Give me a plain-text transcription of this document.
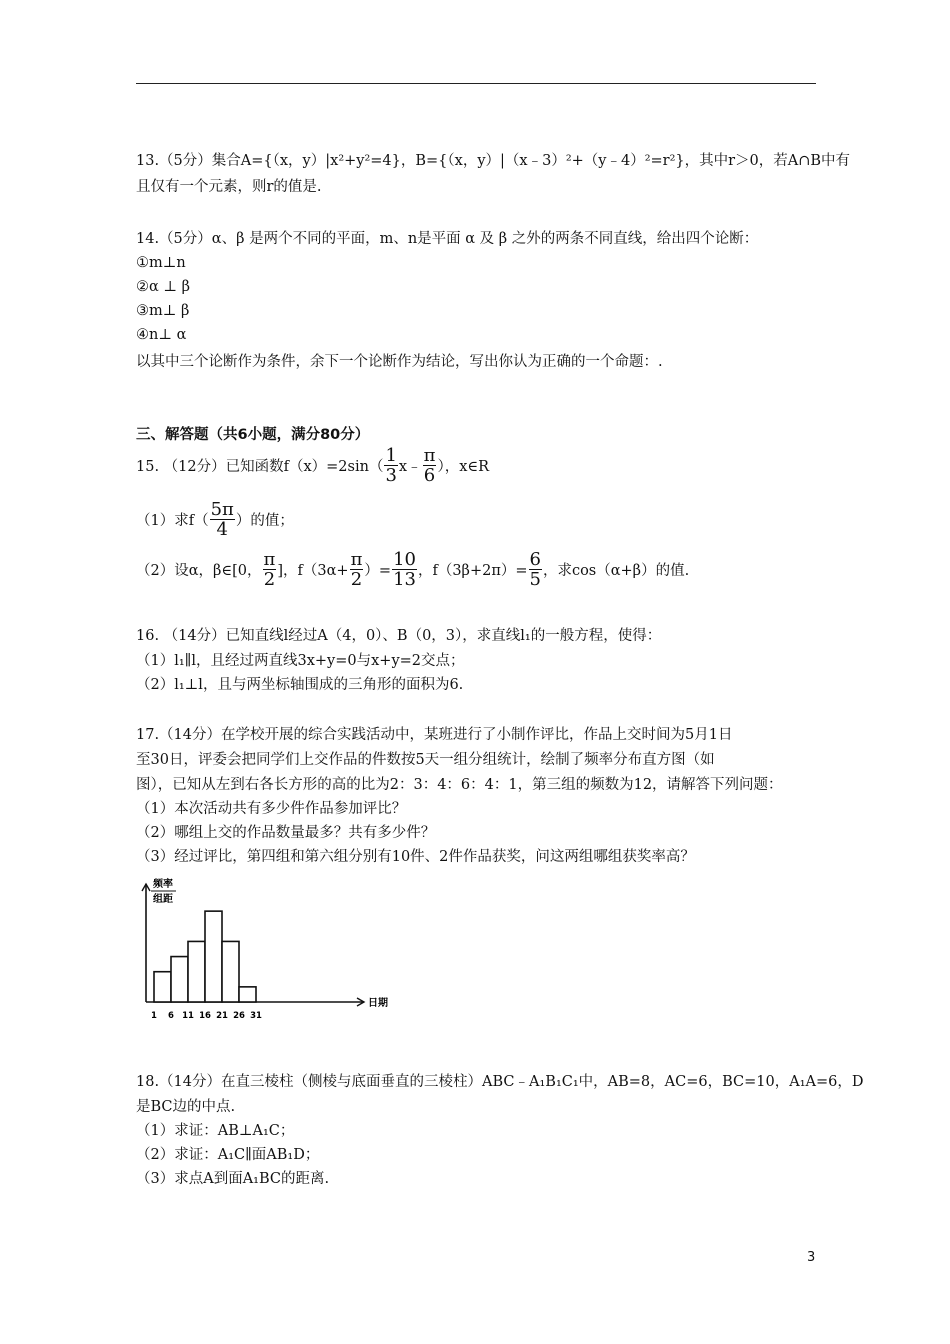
13.（5分）集合A={（x，y）|x²+y²=4}，B={（x，y）|（x﹣3）²+（y﹣4）²=r²}，其中r＞0，若A∩B中有
且仅有一个元素，则r的值是.
14.（5分）α、β 是两个不同的平面，m、n是平面 α 及 β 之外的两条不同直线，给出四个论断：
①m⊥n
②α ⊥ β
③m⊥ β
④n⊥ α
以其中三个论断作为条件，余下一个论断作为结论，写出你认为正确的一个命题：.
三、解答题（共6小题，满分80分）
15. （12分）已知函数$f(x)=2\sin( \frac{1}{3}$ x﹣ $\frac{\pi}{6}$ ），x∈R
（1）求$f( \frac{5\pi}{4}$ ）的值；
（2）设α，β∈[0， $\frac{\pi}{2}$ ]，$f(3\alpha+ \frac{\pi}{2}$ ）= $\frac{10}{13}$ ，$f(3\beta+2\pi)= \frac{6}{5}$ ，求cos（α+β）的值.
16. （14分）已知直线l经过A（4，0）、B（0，3），求直线l₁的一般方程，使得：
（1）l₁∥l，且经过两直线3x+y=0与x+y=2交点；
（2）l₁⊥l，且与两坐标轴围成的三角形的面积为6.
17.（14分）在学校开展的综合实践活动中，某班进行了小制作评比，作品上交时间为5月1日
至30日，评委会把同学们上交作品的件数按5天一组分组统计，绘制了频率分布直方图（如
图），已知从左到右各长方形的高的比为2：3：4：6：4：1，第三组的频数为12，请解答下列问题：
（1）本次活动共有多少件作品参加评比？
（2）哪组上交的作品数量最多？共有多少件？
（3）经过评比，第四组和第六组分别有10件、2件作品获奖，问这两组哪组获奖率高？
1 6 11 16 21 26 31
频率
组距
日期
18.（14分）在直三棱柱（侧棱与底面垂直的三棱柱）ABC﹣A₁B₁C₁中，AB=8，AC=6，BC=10，A₁A=6，D
是BC边的中点.
（1）求证：AB⊥A₁C；
（2）求证：A₁C∥面AB₁D；
（3）求点A到面A₁BC的距离.
3
